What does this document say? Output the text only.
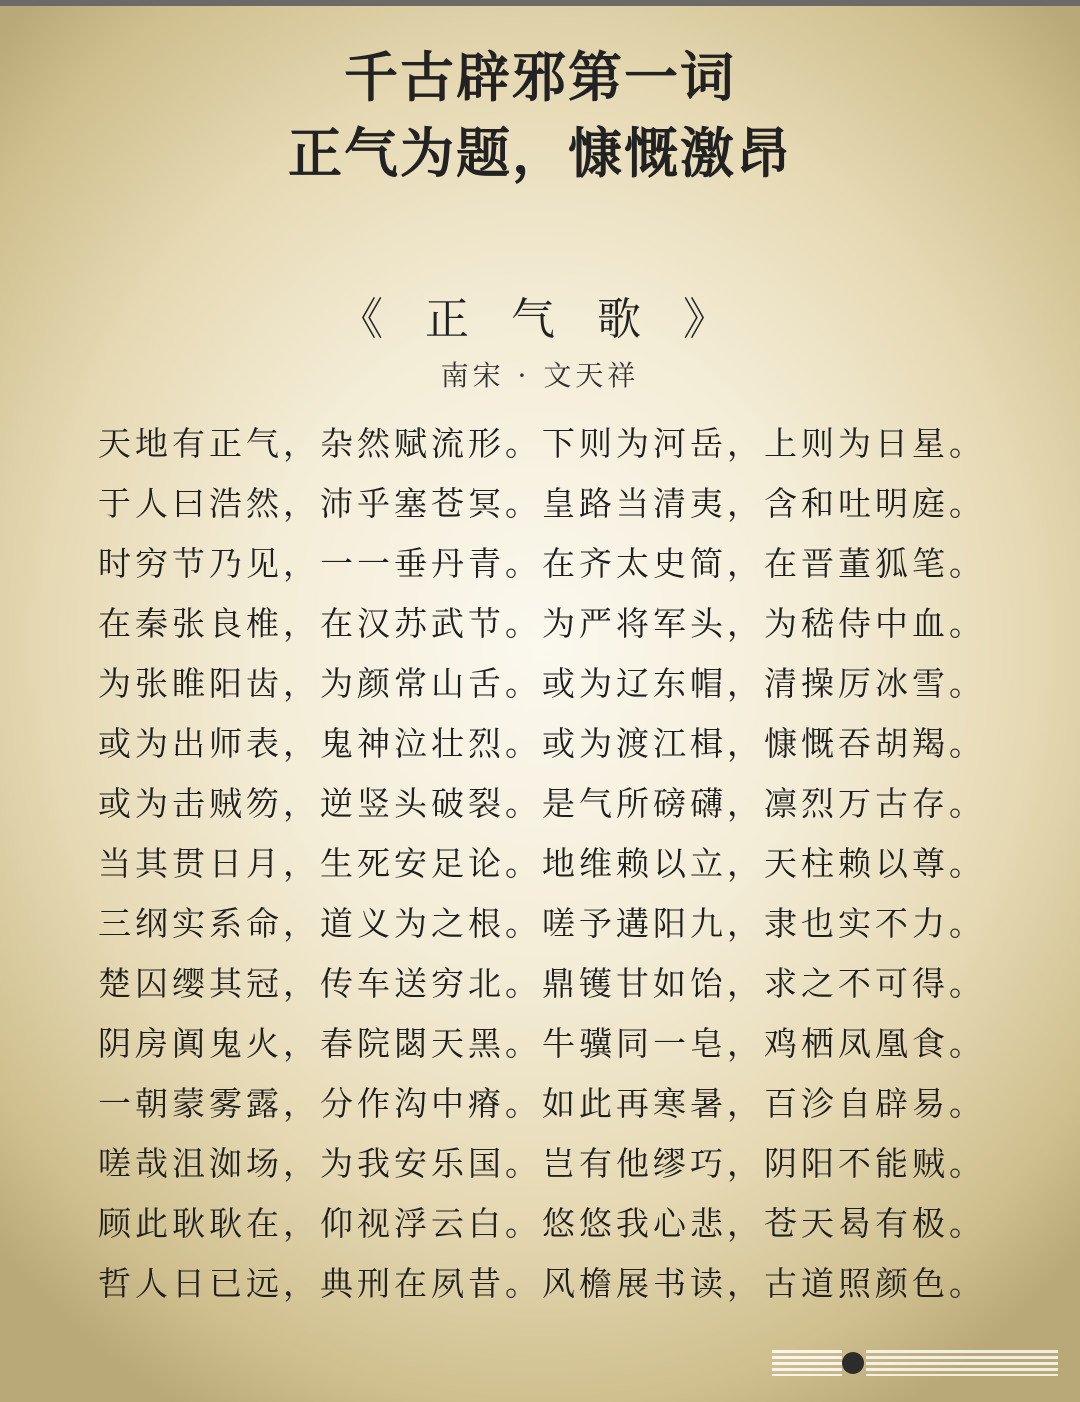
千古辟邪第一词
正气为题，慷慨激昂
《 正 气 歌 》
南宋 · 文天祥
天地有正气，杂然赋流形。下则为河岳，上则为日星。
于人曰浩然，沛乎塞苍冥。皇路当清夷，含和吐明庭。
时穷节乃见，一一垂丹青。在齐太史简，在晋董狐笔。
在秦张良椎，在汉苏武节。为严将军头，为嵇侍中血。
为张睢阳齿，为颜常山舌。或为辽东帽，清操厉冰雪。
或为出师表，鬼神泣壮烈。或为渡江楫，慷慨吞胡羯。
或为击贼笏，逆竖头破裂。是气所磅礴，凛烈万古存。
当其贯日月，生死安足论。地维赖以立，天柱赖以尊。
三纲实系命，道义为之根。嗟予遘阳九，隶也实不力。
楚囚缨其冠，传车送穷北。鼎镬甘如饴，求之不可得。
阴房阗鬼火，春院閟天黑。牛骥同一皂，鸡栖凤凰食。
一朝蒙雾露，分作沟中瘠。如此再寒暑，百沴自辟易。
嗟哉沮洳场，为我安乐国。岂有他缪巧，阴阳不能贼。
顾此耿耿在，仰视浮云白。悠悠我心悲，苍天曷有极。
哲人日已远，典刑在夙昔。风檐展书读，古道照颜色。
